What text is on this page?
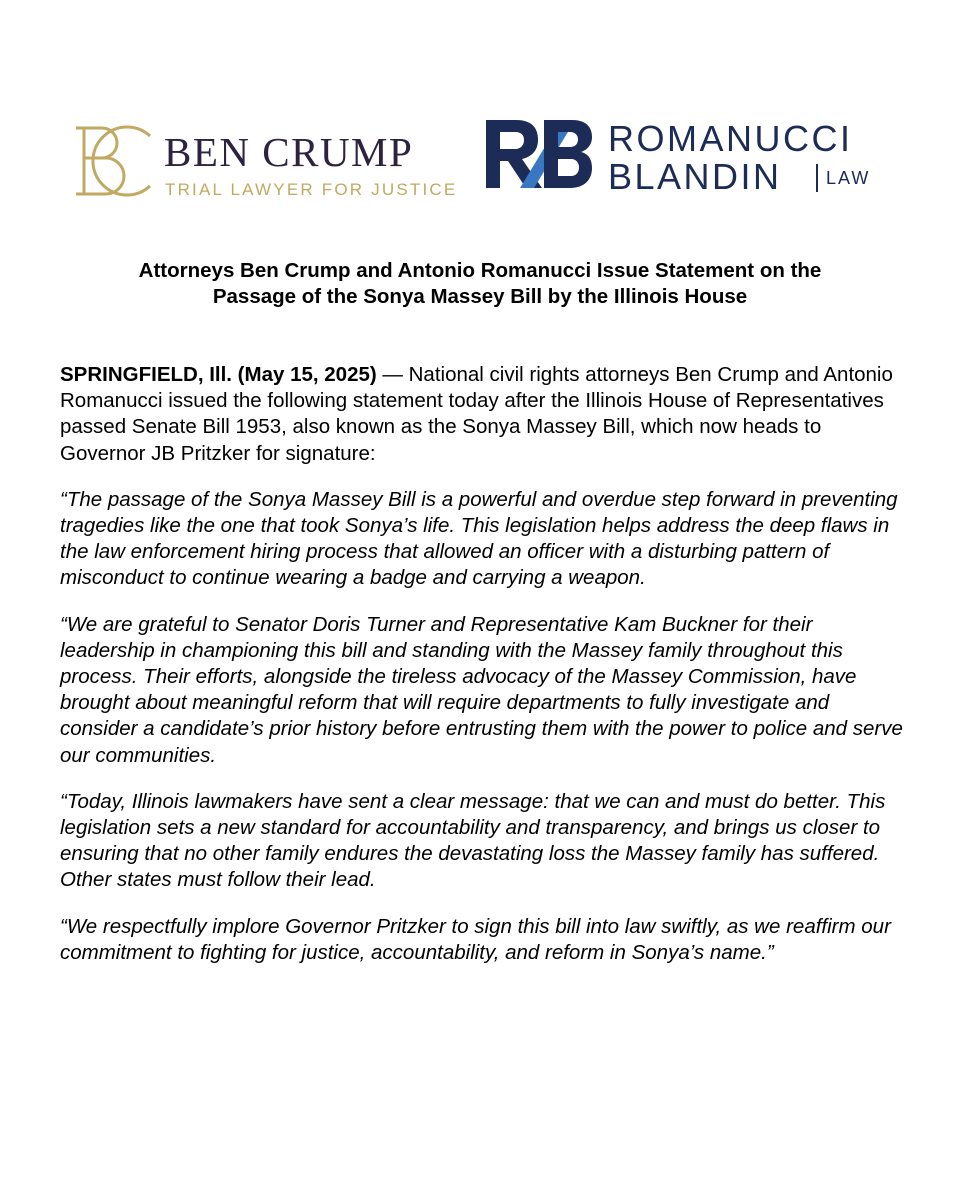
BEN CRUMP
TRIAL LAWYER FOR JUSTICE
ROMANUCCI
BLANDIN LAW
Attorneys Ben Crump and Antonio Romanucci Issue Statement on the
Passage of the Sonya Massey Bill by the Illinois House

SPRINGFIELD, Ill. (May 15, 2025) — National civil rights attorneys Ben Crump and Antonio Romanucci issued the following statement today after the Illinois House of Representatives passed Senate Bill 1953, also known as the Sonya Massey Bill, which now heads to Governor JB Pritzker for signature:

“The passage of the Sonya Massey Bill is a powerful and overdue step forward in preventing tragedies like the one that took Sonya’s life. This legislation helps address the deep flaws in the law enforcement hiring process that allowed an officer with a disturbing pattern of misconduct to continue wearing a badge and carrying a weapon.

“We are grateful to Senator Doris Turner and Representative Kam Buckner for their leadership in championing this bill and standing with the Massey family throughout this process. Their efforts, alongside the tireless advocacy of the Massey Commission, have brought about meaningful reform that will require departments to fully investigate and consider a candidate’s prior history before entrusting them with the power to police and serve our communities.

“Today, Illinois lawmakers have sent a clear message: that we can and must do better. This legislation sets a new standard for accountability and transparency, and brings us closer to ensuring that no other family endures the devastating loss the Massey family has suffered. Other states must follow their lead.

“We respectfully implore Governor Pritzker to sign this bill into law swiftly, as we reaffirm our commitment to fighting for justice, accountability, and reform in Sonya’s name.”
